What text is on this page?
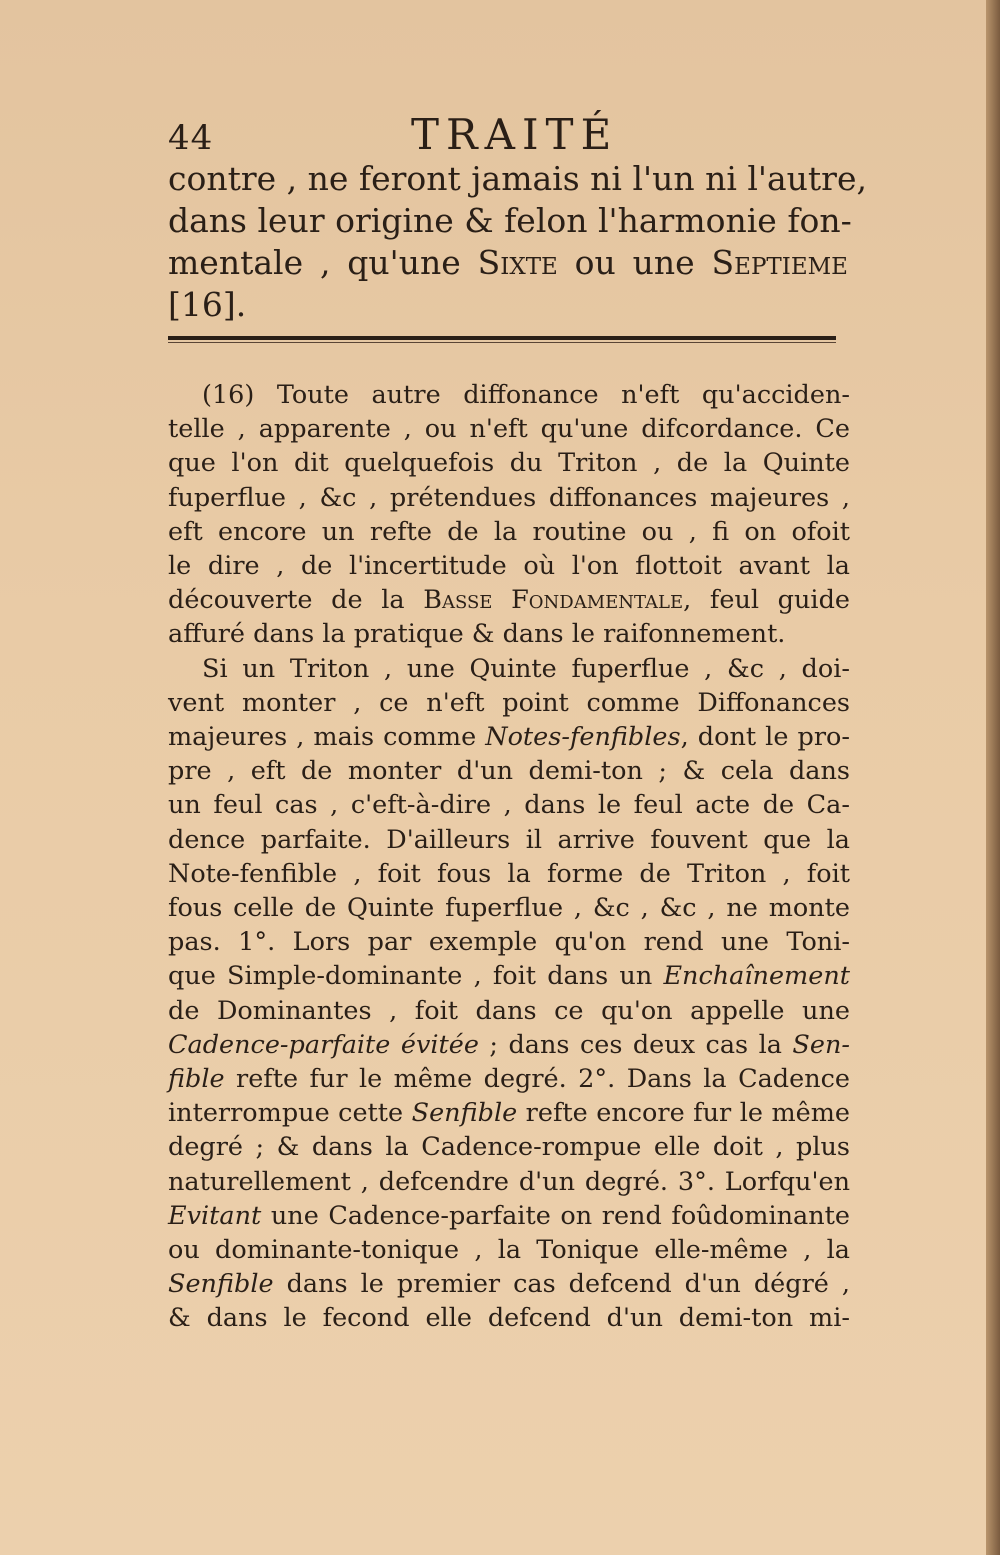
44	TRAITÉ
contre , ne feront jamais ni l'un ni l'autre,
dans leur origine & felon l'harmonie fon-
mentale , qu'une Sixte ou une Septieme
[16].
(16) Toute autre diffonance n'eft qu'acciden-
telle , apparente , ou n'eft qu'une difcordance. Ce
que l'on dit quelquefois du Triton , de la Quinte
fuperflue , &c , prétendues diffonances majeures ,
eft encore un refte de la routine ou , fi on ofoit
le dire , de l'incertitude où l'on flottoit avant la
découverte de la Basse Fondamentale, feul guide
affuré dans la pratique & dans le raifonnement.
Si un Triton , une Quinte fuperflue , &c , doi-
vent monter , ce n'eft point comme Diffonances
majeures , mais comme Notes-fenfibles, dont le pro-
pre , eft de monter d'un demi-ton ; & cela dans
un feul cas , c'eft-à-dire , dans le feul acte de Ca-
dence parfaite. D'ailleurs il arrive fouvent que la
Note-fenfible , foit fous la forme de Triton , foit
fous celle de Quinte fuperflue , &c , &c , ne monte
pas. 1°. Lors par exemple qu'on rend une Toni-
que Simple-dominante , foit dans un Enchaînement
de Dominantes , foit dans ce qu'on appelle une
Cadence-parfaite évitée ; dans ces deux cas la Sen-
fible refte fur le même degré. 2°. Dans la Cadence
interrompue cette Senfible refte encore fur le même
degré ; & dans la Cadence-rompue elle doit , plus
naturellement , defcendre d'un degré. 3°. Lorfqu'en
Evitant une Cadence-parfaite on rend foûdominante
ou dominante-tonique , la Tonique elle-même , la
Senfible dans le premier cas defcend d'un dégré ,
& dans le fecond elle defcend d'un demi-ton mi-
